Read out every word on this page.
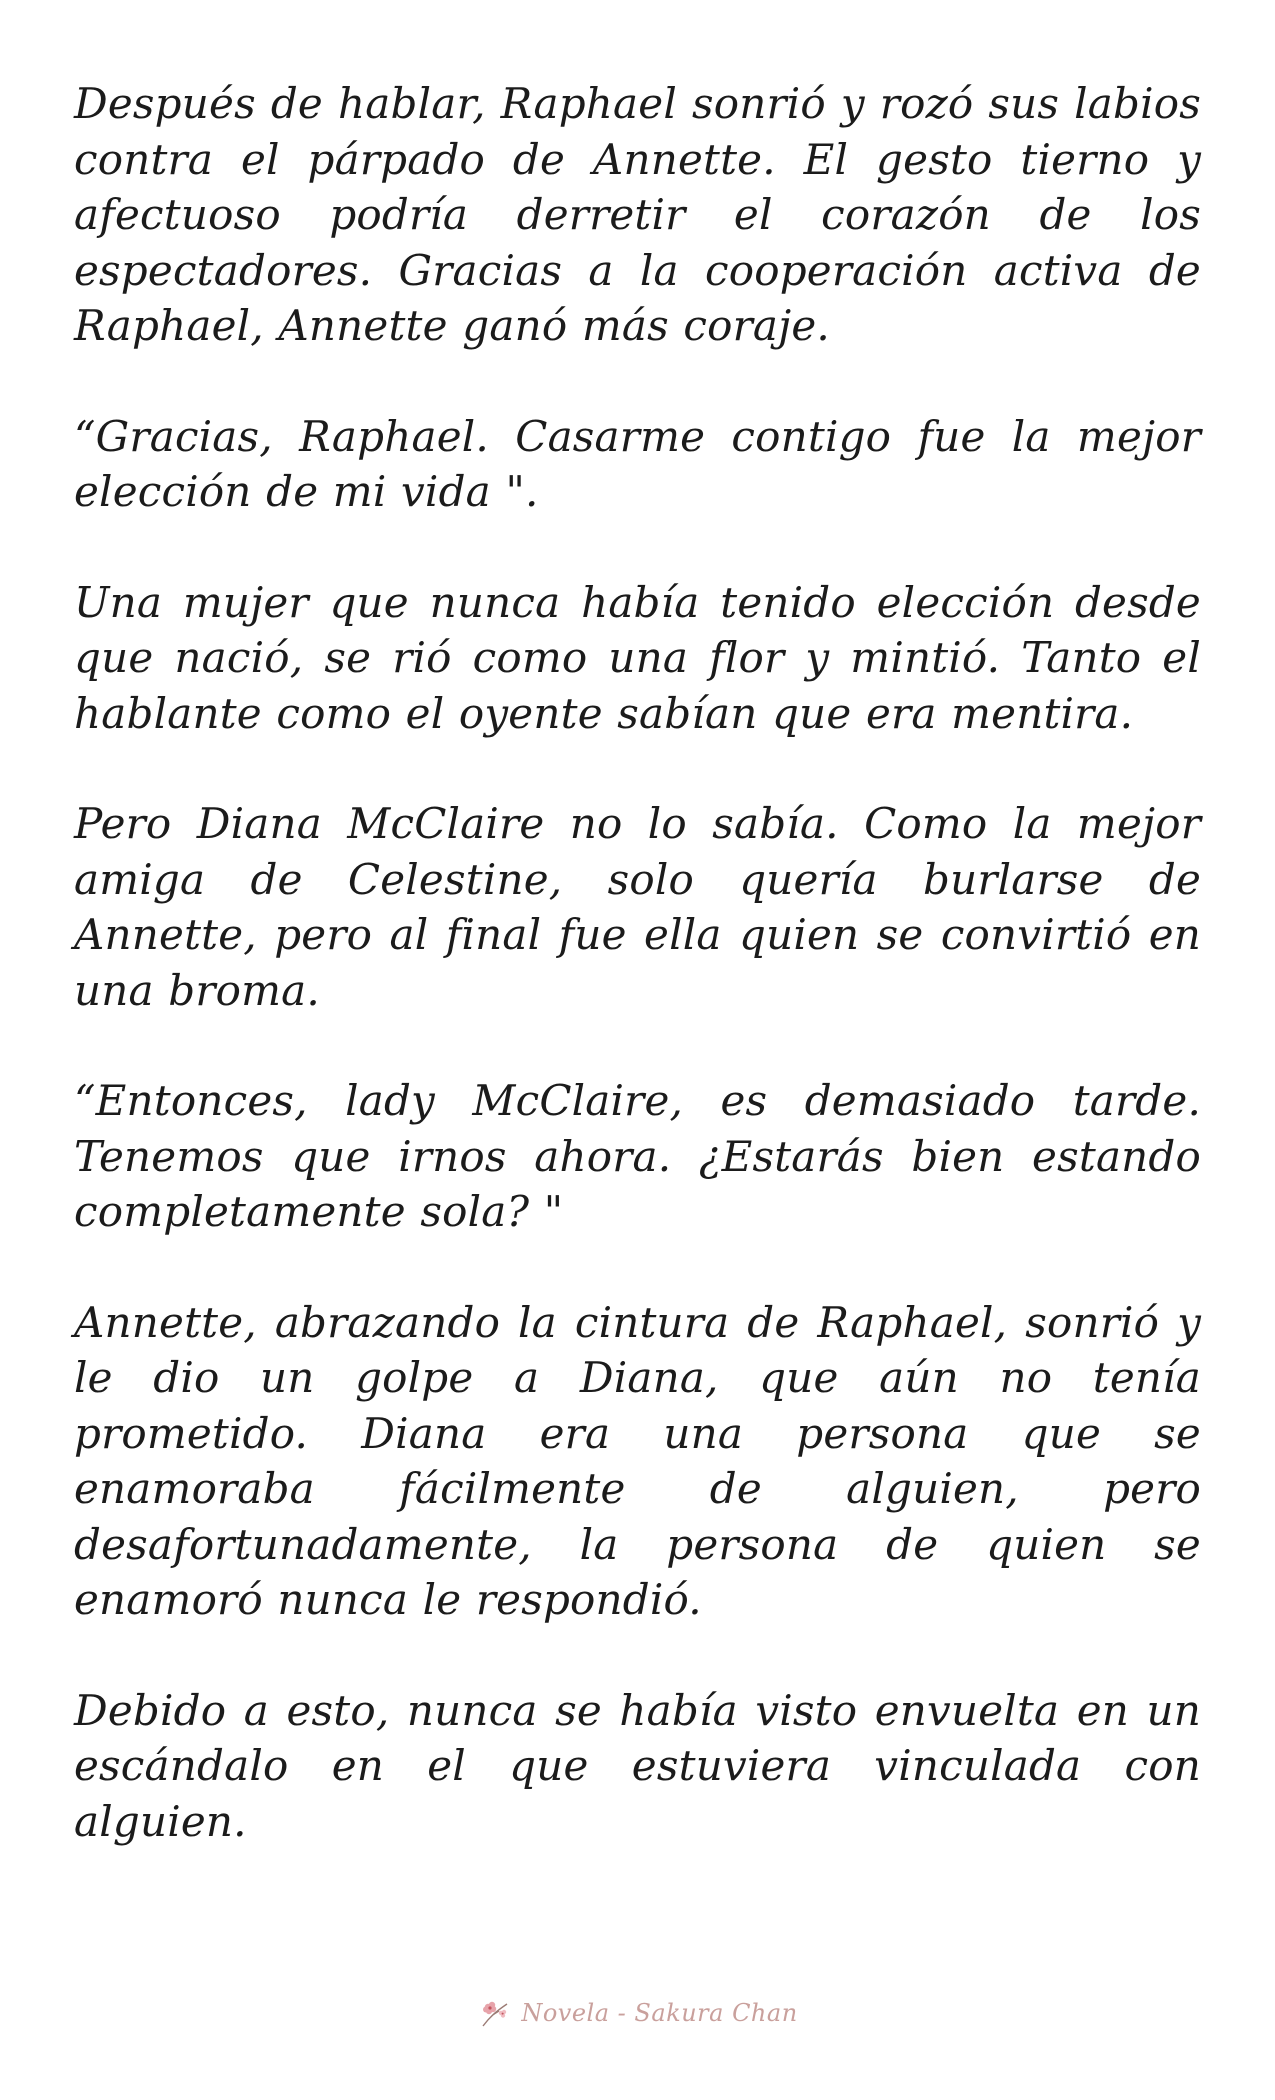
Después de hablar, Raphael sonrió y rozó sus labios contra el párpado de Annette. El gesto tierno y afectuoso podría derretir el corazón de los espectadores. Gracias a la cooperación activa de Raphael, Annette ganó más coraje.

“Gracias, Raphael. Casarme contigo fue la mejor elección de mi vida ".

Una mujer que nunca había tenido elección desde que nació, se rió como una flor y mintió. Tanto el hablante como el oyente sabían que era mentira.

Pero Diana McClaire no lo sabía. Como la mejor amiga de Celestine, solo quería burlarse de Annette, pero al final fue ella quien se convirtió en una broma.

“Entonces, lady McClaire, es demasiado tarde. Tenemos que irnos ahora. ¿Estarás bien estando completamente sola? "

Annette, abrazando la cintura de Raphael, sonrió y le dio un golpe a Diana, que aún no tenía prometido. Diana era una persona que se enamoraba fácilmente de alguien, pero desafortunadamente, la persona de quien se enamoró nunca le respondió.

Debido a esto, nunca se había visto envuelta en un escándalo en el que estuviera vinculada con alguien.

Novela - Sakura Chan
